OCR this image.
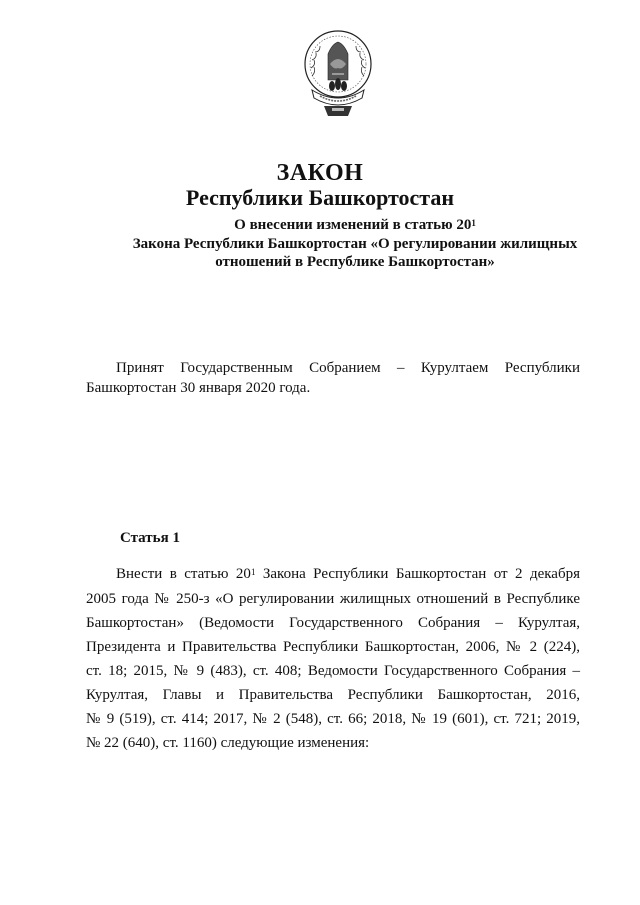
ЗАКОН
Республики Башкортостан
О внесении изменений в статью $20^1$
Закона Республики Башкортостан «О регулировании жилищных
отношений в Республике Башкортостан»
Принят Государственным Собранием – Курултаем Республики
Башкортостан 30 января 2020 года.
Статья 1
Внести в статью $20^1$ Закона Республики Башкортостан от 2 декабря
2005 года № 250-з «О регулировании жилищных отношений в Республике
Башкортостан» (Ведомости Государственного Собрания – Курултая,
Президента и Правительства Республики Башкортостан, 2006, № 2 (224),
ст. 18; 2015, № 9 (483), ст. 408; Ведомости Государственного Собрания –
Курултая, Главы и Правительства Республики Башкортостан, 2016,
№ 9 (519), ст. 414; 2017, № 2 (548), ст. 66; 2018, № 19 (601), ст. 721; 2019,
№ 22 (640), ст. 1160) следующие изменения:
